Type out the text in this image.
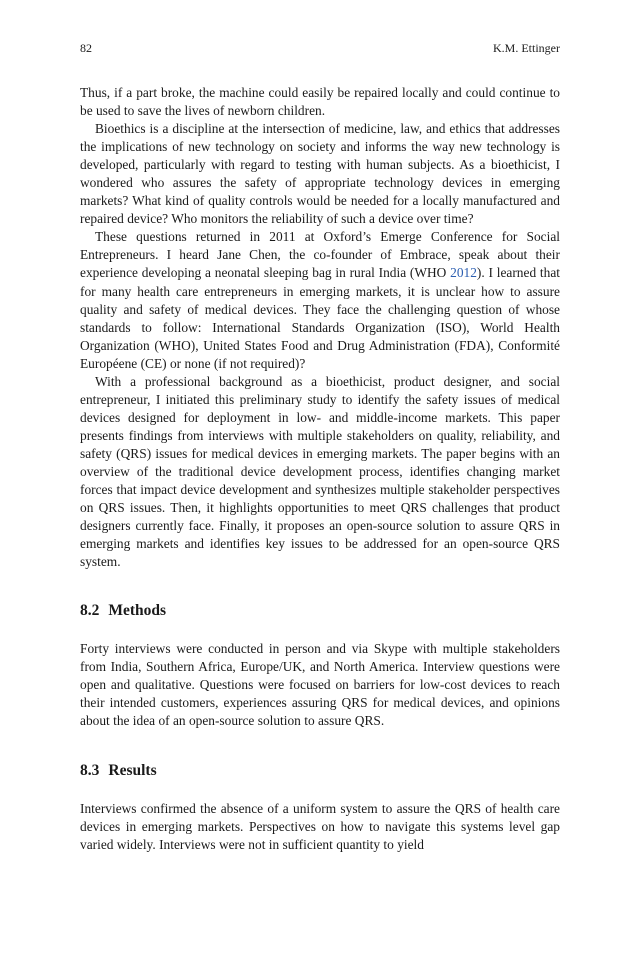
82	K.M. Ettinger

Thus, if a part broke, the machine could easily be repaired locally and could continue to be used to save the lives of newborn children.

Bioethics is a discipline at the intersection of medicine, law, and ethics that addresses the implications of new technology on society and informs the way new technology is developed, particularly with regard to testing with human subjects. As a bioethicist, I wondered who assures the safety of appropriate technology devices in emerging markets? What kind of quality controls would be needed for a locally manufactured and repaired device? Who monitors the reliability of such a device over time?

These questions returned in 2011 at Oxford’s Emerge Conference for Social Entrepreneurs. I heard Jane Chen, the co-founder of Embrace, speak about their experience developing a neonatal sleeping bag in rural India (WHO 2012). I learned that for many health care entrepreneurs in emerging markets, it is unclear how to assure quality and safety of medical devices. They face the challenging question of whose standards to follow: International Standards Organization (ISO), World Health Organization (WHO), United States Food and Drug Administration (FDA), Conformité Européene (CE) or none (if not required)?

With a professional background as a bioethicist, product designer, and social entrepreneur, I initiated this preliminary study to identify the safety issues of medical devices designed for deployment in low- and middle-income markets. This paper presents findings from interviews with multiple stakeholders on quality, reliability, and safety (QRS) issues for medical devices in emerging markets. The paper begins with an overview of the traditional device development process, identifies changing market forces that impact device development and synthesizes multiple stakeholder perspectives on QRS issues. Then, it highlights opportunities to meet QRS challenges that product designers currently face. Finally, it proposes an open-source solution to assure QRS in emerging markets and identifies key issues to be addressed for an open-source QRS system.

8.2 Methods

Forty interviews were conducted in person and via Skype with multiple stakeholders from India, Southern Africa, Europe/UK, and North America. Interview questions were open and qualitative. Questions were focused on barriers for low-cost devices to reach their intended customers, experiences assuring QRS for medical devices, and opinions about the idea of an open-source solution to assure QRS.

8.3 Results

Interviews confirmed the absence of a uniform system to assure the QRS of health care devices in emerging markets. Perspectives on how to navigate this systems level gap varied widely. Interviews were not in sufficient quantity to yield
